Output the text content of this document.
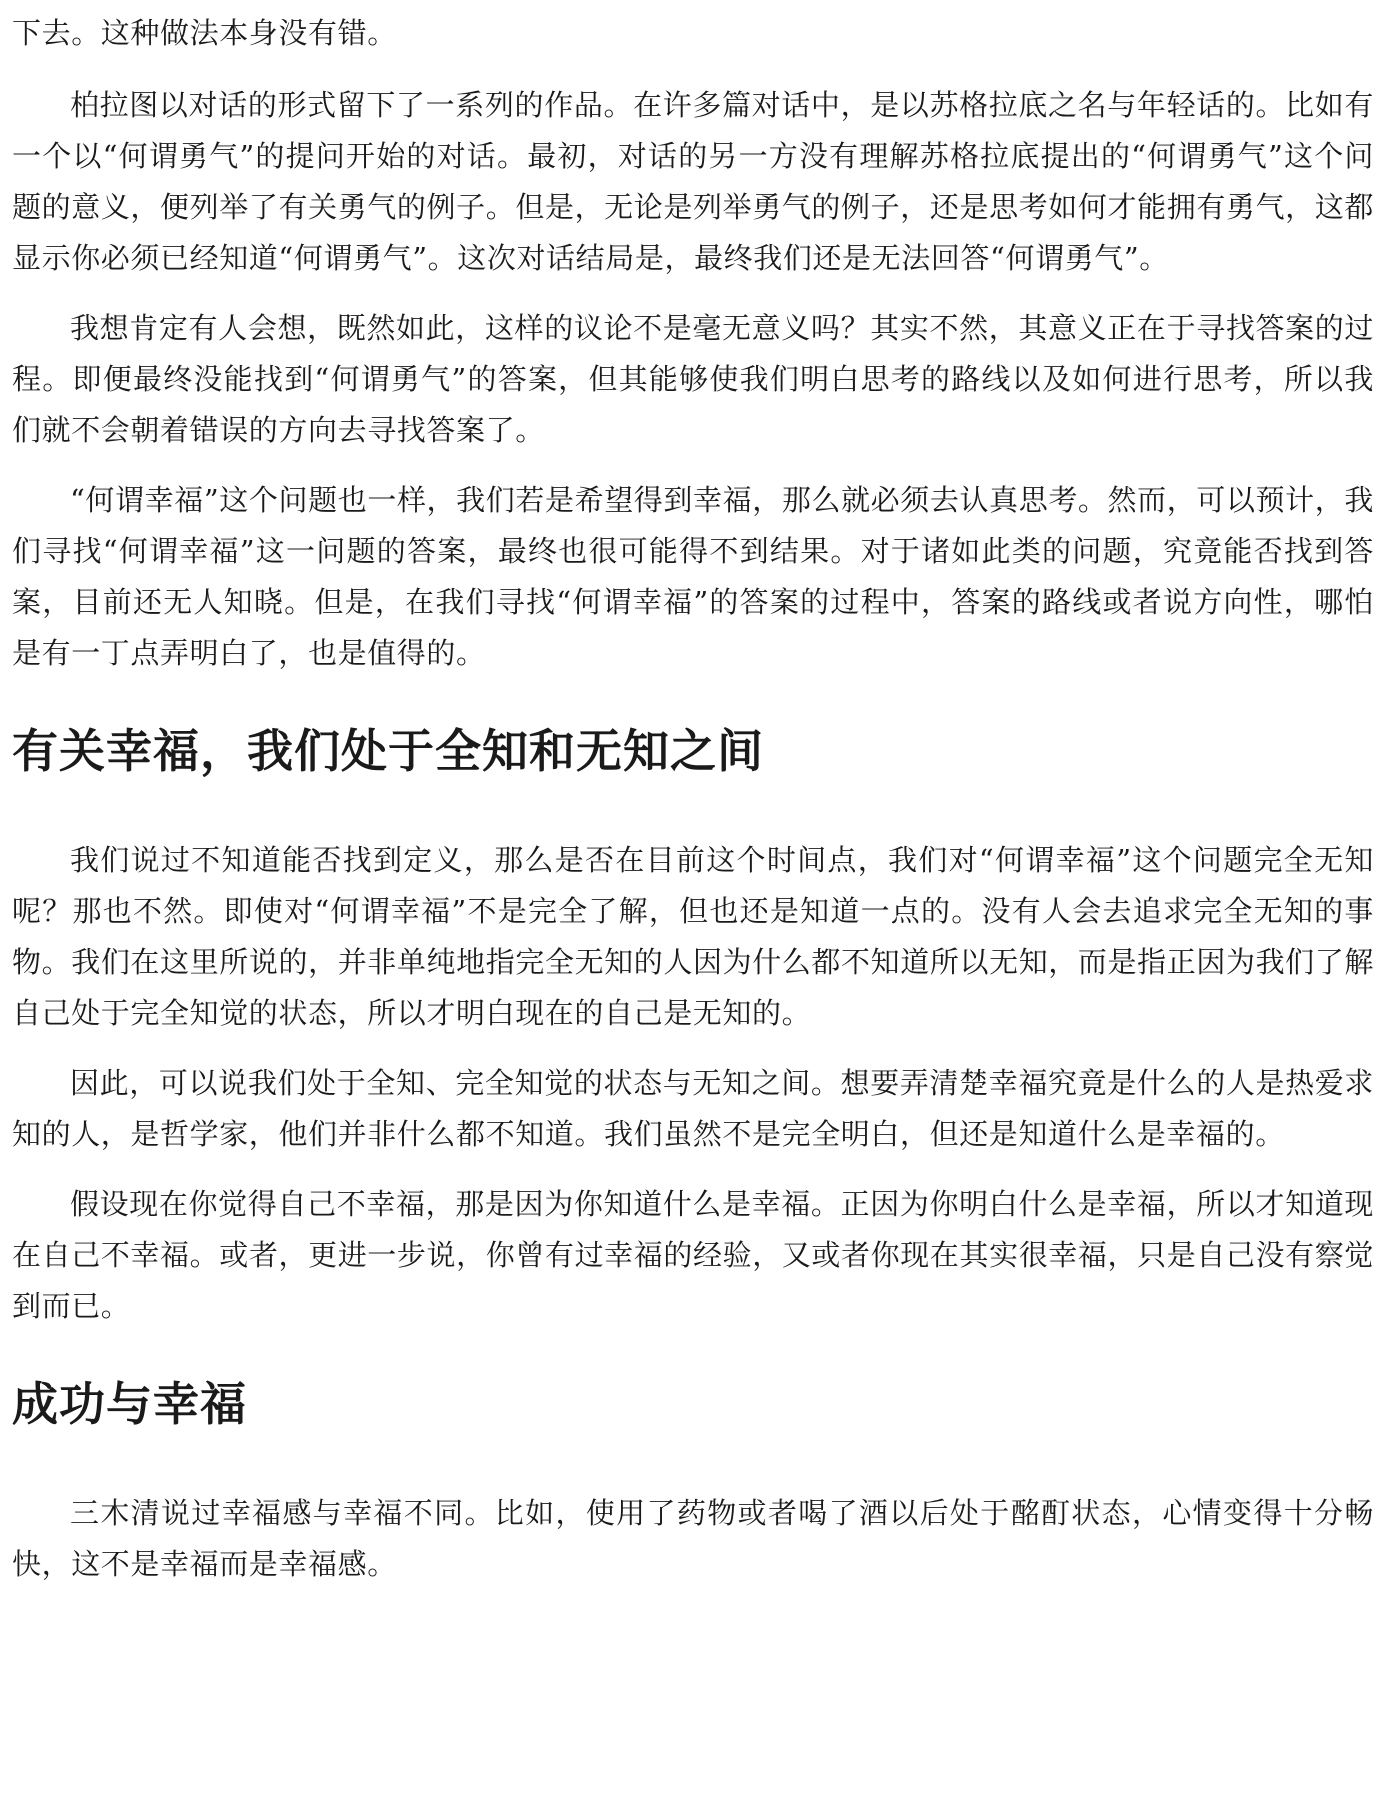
下去。这种做法本身没有错。

柏拉图以对话的形式留下了一系列的作品。在许多篇对话中，是以苏格拉底之名与年轻话的。比如有一个以“何谓勇气”的提问开始的对话。最初，对话的另一方没有理解苏格拉底提出的“何谓勇气”这个问题的意义，便列举了有关勇气的例子。但是，无论是列举勇气的例子，还是思考如何才能拥有勇气，这都显示你必须已经知道“何谓勇气”。这次对话结局是，最终我们还是无法回答“何谓勇气”。

我想肯定有人会想，既然如此，这样的议论不是毫无意义吗？其实不然，其意义正在于寻找答案的过程。即便最终没能找到“何谓勇气”的答案，但其能够使我们明白思考的路线以及如何进行思考，所以我们就不会朝着错误的方向去寻找答案了。

“何谓幸福”这个问题也一样，我们若是希望得到幸福，那么就必须去认真思考。然而，可以预计，我们寻找“何谓幸福”这一问题的答案，最终也很可能得不到结果。对于诸如此类的问题，究竟能否找到答案，目前还无人知晓。但是，在我们寻找“何谓幸福”的答案的过程中，答案的路线或者说方向性，哪怕是有一丁点弄明白了，也是值得的。

有关幸福，我们处于全知和无知之间

我们说过不知道能否找到定义，那么是否在目前这个时间点，我们对“何谓幸福”这个问题完全无知呢？那也不然。即使对“何谓幸福”不是完全了解，但也还是知道一点的。没有人会去追求完全无知的事物。我们在这里所说的，并非单纯地指完全无知的人因为什么都不知道所以无知，而是指正因为我们了解自己处于完全知觉的状态，所以才明白现在的自己是无知的。

因此，可以说我们处于全知、完全知觉的状态与无知之间。想要弄清楚幸福究竟是什么的人是热爱求知的人，是哲学家，他们并非什么都不知道。我们虽然不是完全明白，但还是知道什么是幸福的。

假设现在你觉得自己不幸福，那是因为你知道什么是幸福。正因为你明白什么是幸福，所以才知道现在自己不幸福。或者，更进一步说，你曾有过幸福的经验，又或者你现在其实很幸福，只是自己没有察觉到而已。

成功与幸福

三木清说过幸福感与幸福不同。比如，使用了药物或者喝了酒以后处于酩酊状态，心情变得十分畅快，这不是幸福而是幸福感。
